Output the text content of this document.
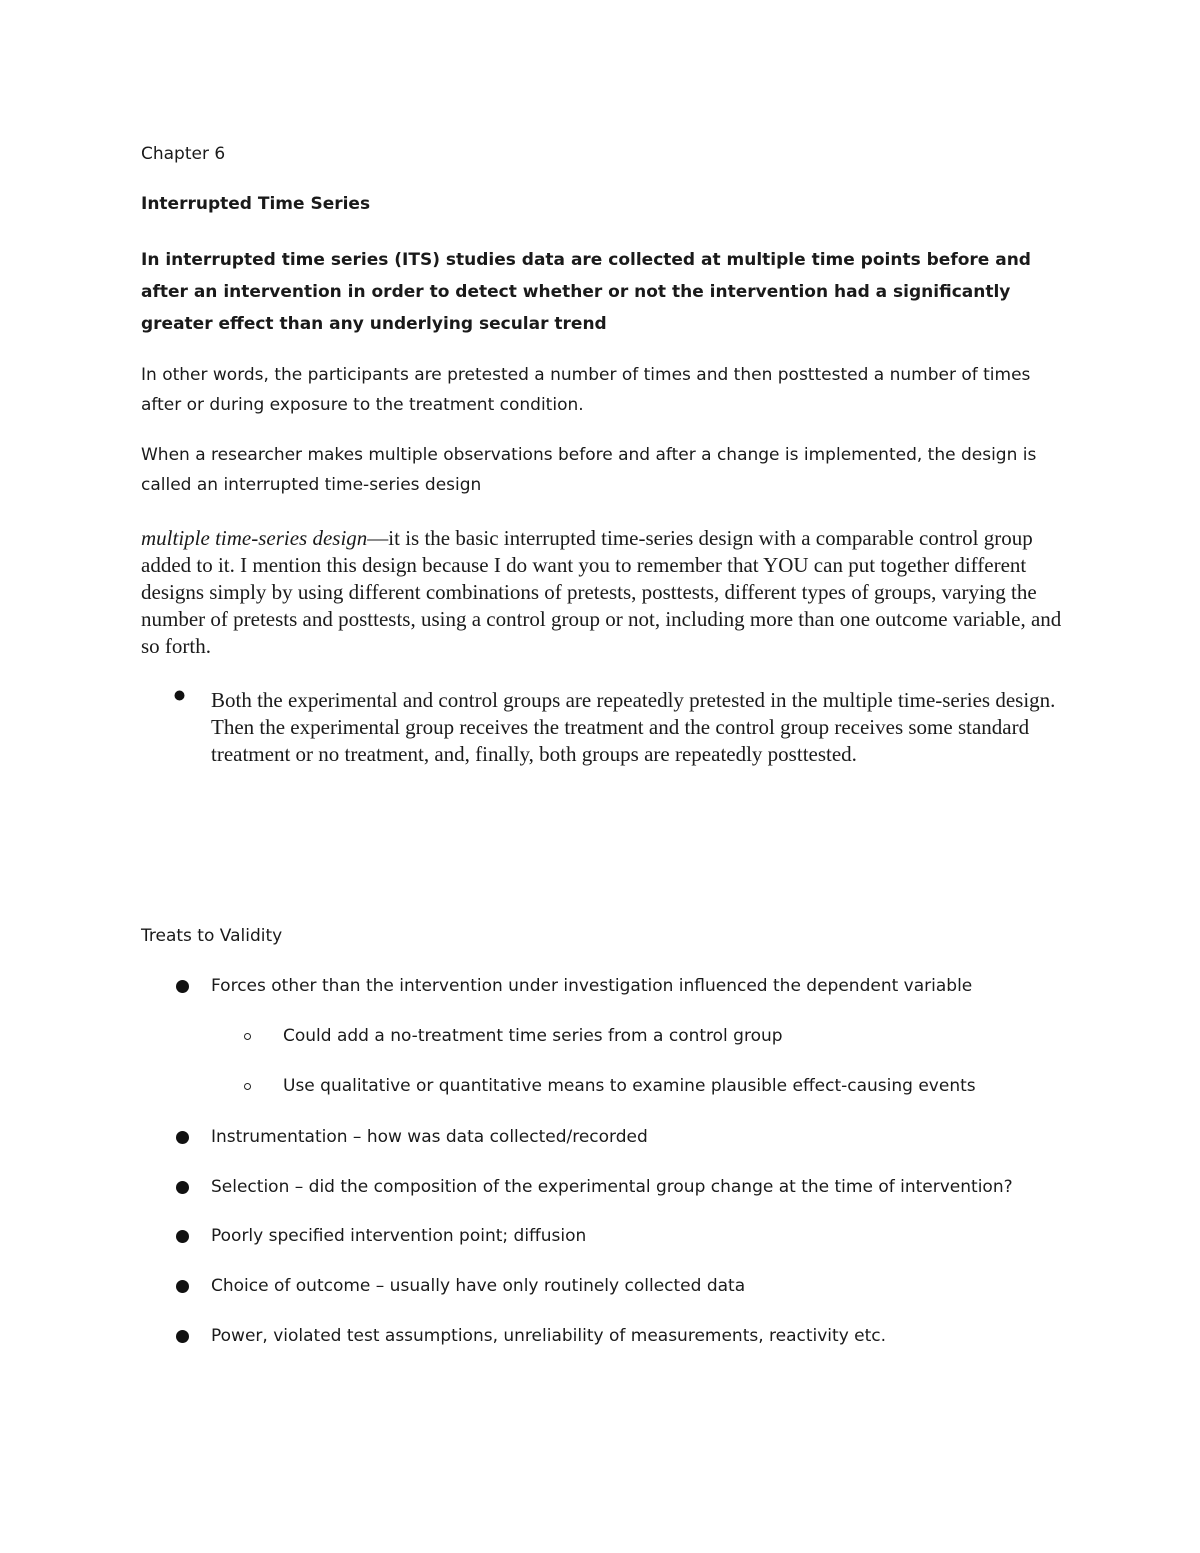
Chapter 6

Interrupted Time Series

In interrupted time series (ITS) studies data are collected at multiple time points before and after an intervention in order to detect whether or not the intervention had a significantly greater effect than any underlying secular trend

In other words, the participants are pretested a number of times and then posttested a number of times after or during exposure to the treatment condition.

When a researcher makes multiple observations before and after a change is implemented, the design is called an interrupted time-series design

multiple time-series design—it is the basic interrupted time-series design with a comparable control group added to it. I mention this design because I do want you to remember that YOU can put together different designs simply by using different combinations of pretests, posttests, different types of groups, varying the number of pretests and posttests, using a control group or not, including more than one outcome variable, and so forth.

Both the experimental and control groups are repeatedly pretested in the multiple time-series design. Then the experimental group receives the treatment and the control group receives some standard treatment or no treatment, and, finally, both groups are repeatedly posttested.

Treats to Validity

Forces other than the intervention under investigation influenced the dependent variable

Could add a no-treatment time series from a control group

Use qualitative or quantitative means to examine plausible effect-causing events

Instrumentation – how was data collected/recorded

Selection – did the composition of the experimental group change at the time of intervention?

Poorly specified intervention point; diffusion

Choice of outcome – usually have only routinely collected data

Power, violated test assumptions, unreliability of measurements, reactivity etc.
